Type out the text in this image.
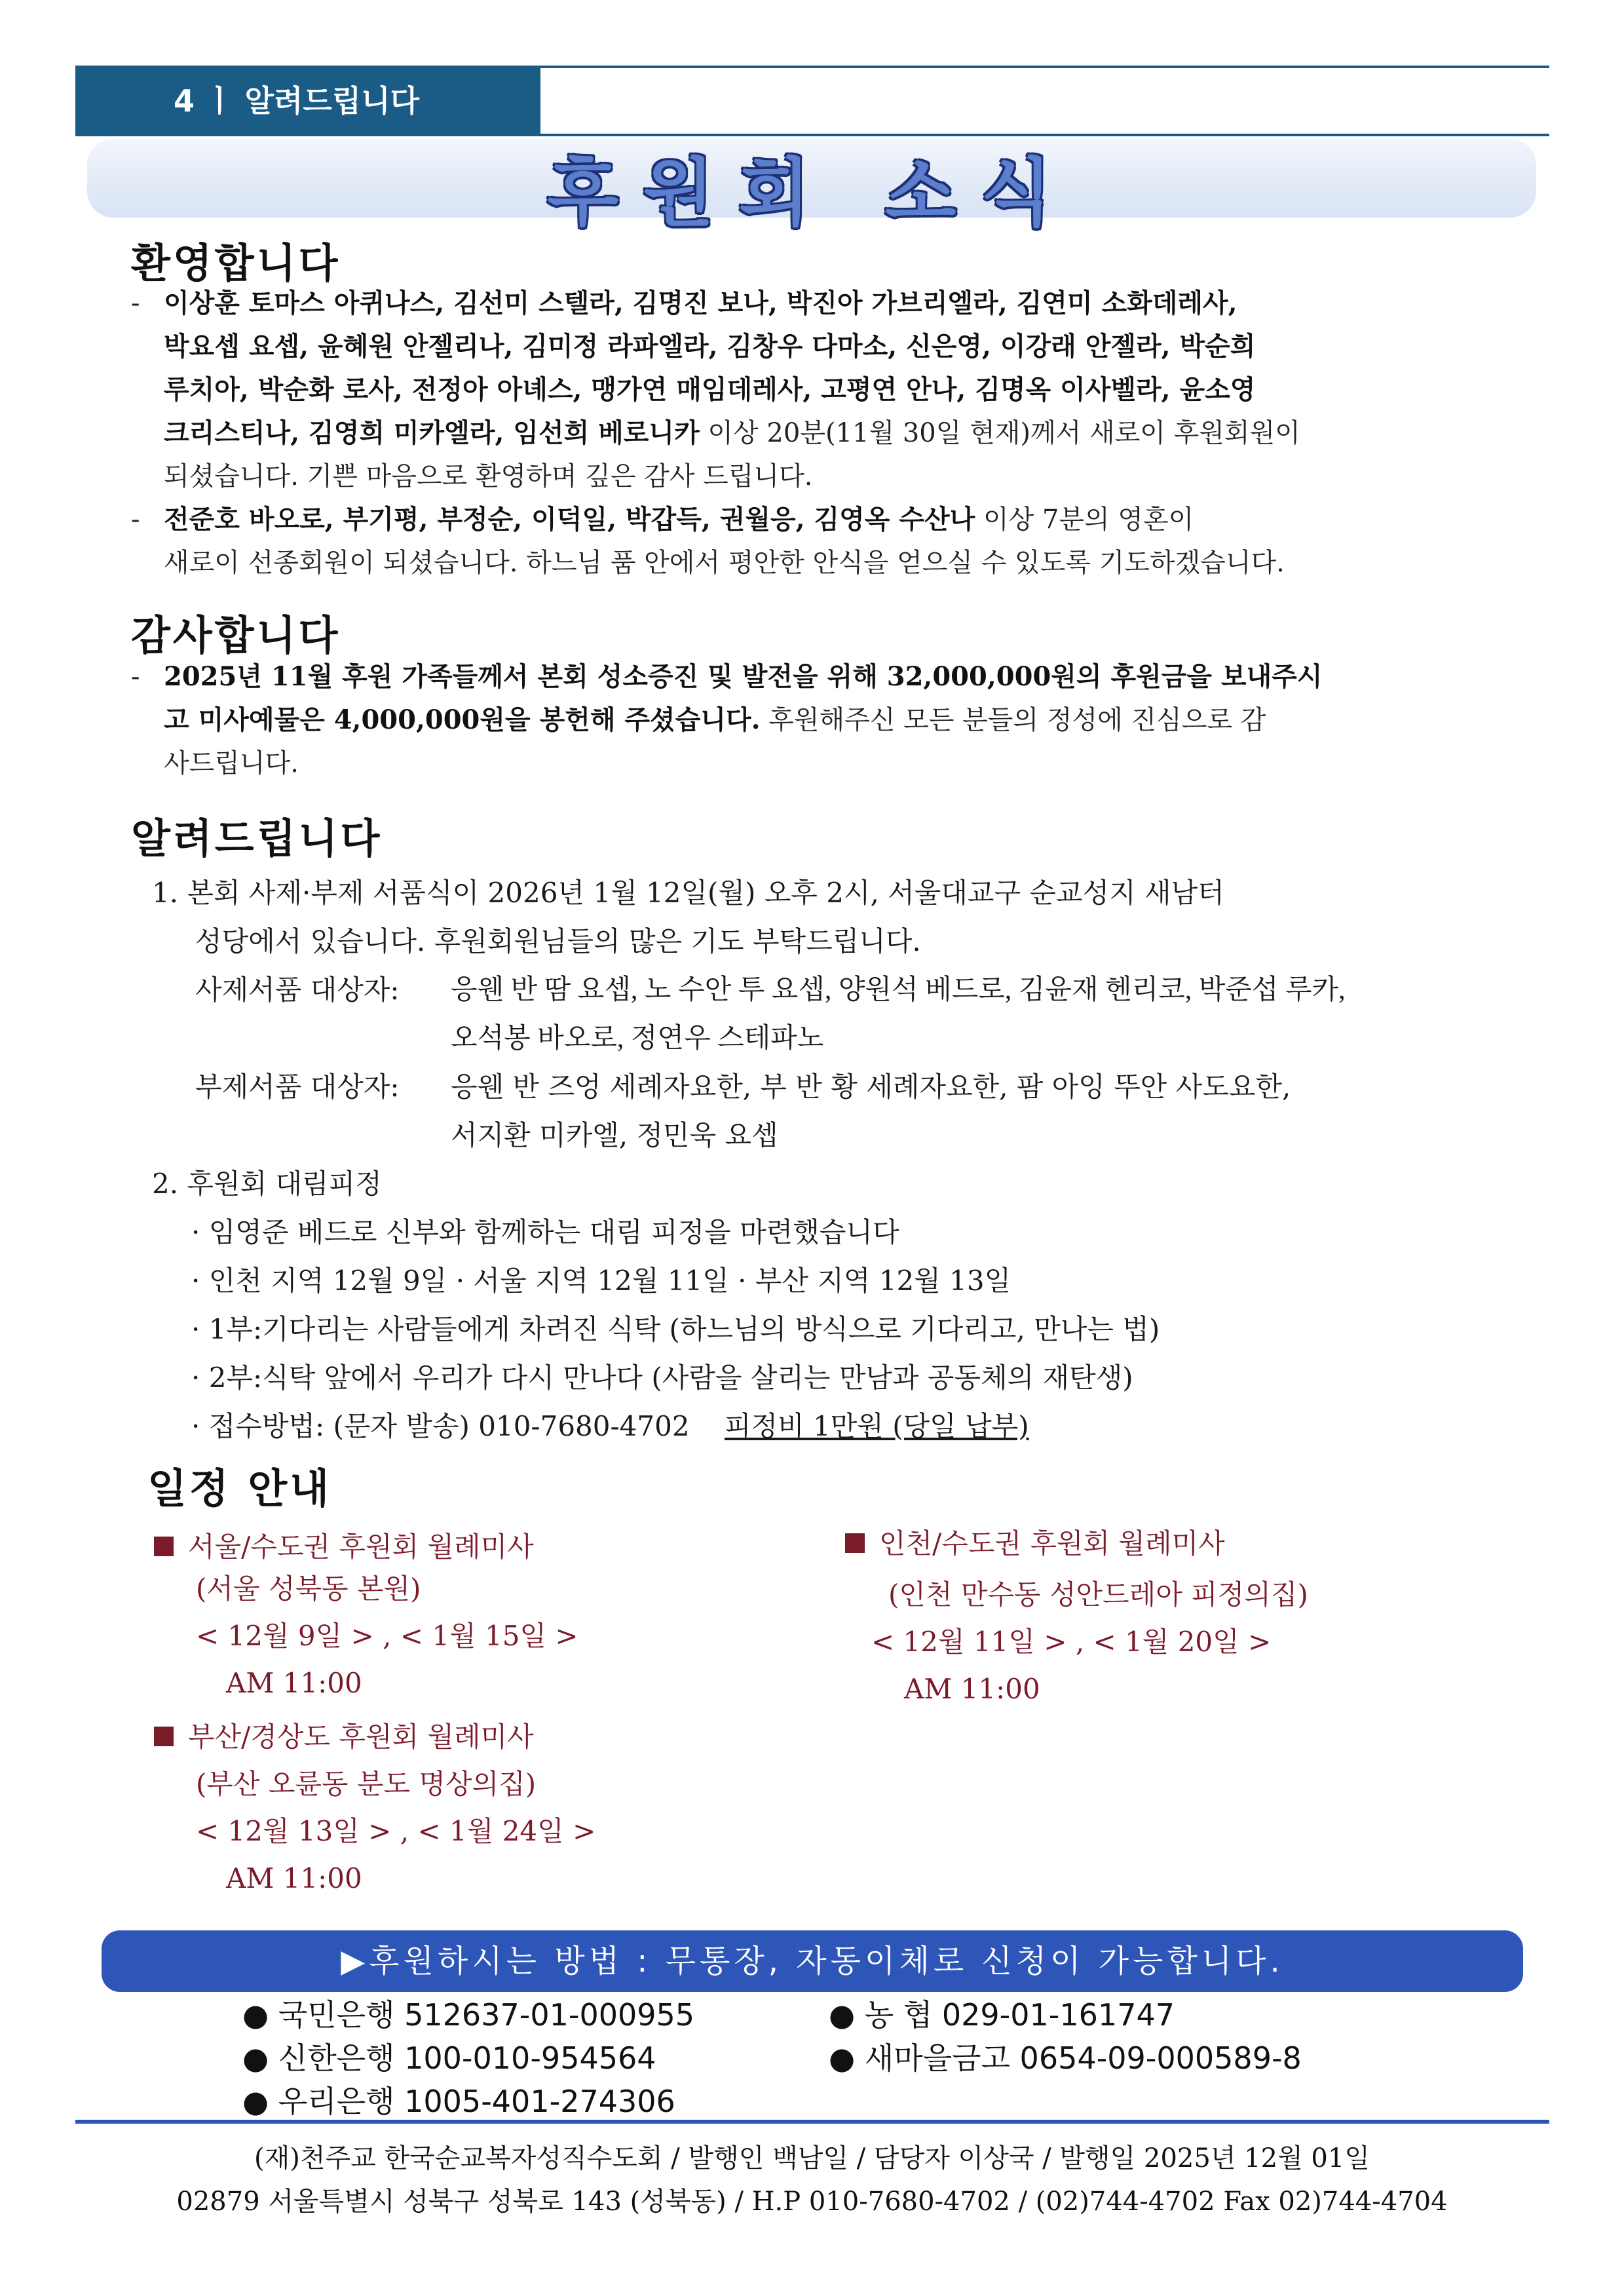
4 ㅣ 알려드립니다
후원회 소식
환영합니다
- 이상훈 토마스 아퀴나스, 김선미 스텔라, 김명진 보나, 박진아 가브리엘라, 김연미 소화데레사,
박요셉 요셉, 윤혜원 안젤리나, 김미정 라파엘라, 김창우 다마소, 신은영, 이강래 안젤라, 박순희
루치아, 박순화 로사, 전정아 아녜스, 맹가연 매임데레사, 고평연 안나, 김명옥 이사벨라, 윤소영
크리스티나, 김영희 미카엘라, 임선희 베로니카 이상 20분(11월 30일 현재)께서 새로이 후원회원이
되셨습니다. 기쁜 마음으로 환영하며 깊은 감사 드립니다.
- 전준호 바오로, 부기평, 부정순, 이덕일, 박갑득, 권월응, 김영옥 수산나 이상 7분의 영혼이
새로이 선종회원이 되셨습니다. 하느님 품 안에서 평안한 안식을 얻으실 수 있도록 기도하겠습니다.
감사합니다
- 2025년 11월 후원 가족들께서 본회 성소증진 및 발전을 위해 32,000,000원의 후원금을 보내주시
고 미사예물은 4,000,000원을 봉헌해 주셨습니다. 후원해주신 모든 분들의 정성에 진심으로 감
사드립니다.
알려드립니다
1. 본회 사제·부제 서품식이 2026년 1월 12일(월) 오후 2시, 서울대교구 순교성지 새남터
성당에서 있습니다. 후원회원님들의 많은 기도 부탁드립니다.
사제서품 대상자:	응웬 반 땀 요셉, 노 수안 투 요셉, 양원석 베드로, 김윤재 헨리코, 박준섭 루카,
오석봉 바오로, 정연우 스테파노
부제서품 대상자:	응웬 반 즈엉 세례자요한, 부 반 황 세례자요한, 팜 아잉 뚜안 사도요한,
서지환 미카엘, 정민욱 요셉
2. 후원회 대림피정
· 임영준 베드로 신부와 함께하는 대림 피정을 마련했습니다
· 인천 지역 12월 9일 · 서울 지역 12월 11일 · 부산 지역 12월 13일
· 1부:기다리는 사람들에게 차려진 식탁 (하느님의 방식으로 기다리고, 만나는 법)
· 2부:식탁 앞에서 우리가 다시 만나다 (사람을 살리는 만남과 공동체의 재탄생)
· 접수방법: (문자 발송) 010-7680-4702 피정비 1만원 (당일 납부)
일정 안내
서울/수도권 후원회 월례미사
(서울 성북동 본원)
< 12월 9일 > , < 1월 15일 >
AM 11:00
부산/경상도 후원회 월례미사
(부산 오륜동 분도 명상의집)
< 12월 13일 > , < 1월 24일 >
AM 11:00
인천/수도권 후원회 월례미사
(인천 만수동 성안드레아 피정의집)
< 12월 11일 > , < 1월 20일 >
AM 11:00
▶후원하시는 방법 : 무통장, 자동이체로 신청이 가능합니다.
● 국민은행 512637-01-000955	● 농 협 029-01-161747
● 신한은행 100-010-954564	● 새마을금고 0654-09-000589-8
● 우리은행 1005-401-274306
(재)천주교 한국순교복자성직수도회 / 발행인 백남일 / 담당자 이상국 / 발행일 2025년 12월 01일
02879 서울특별시 성북구 성북로 143 (성북동) / H.P 010-7680-4702 / (02)744-4702 Fax 02)744-4704
